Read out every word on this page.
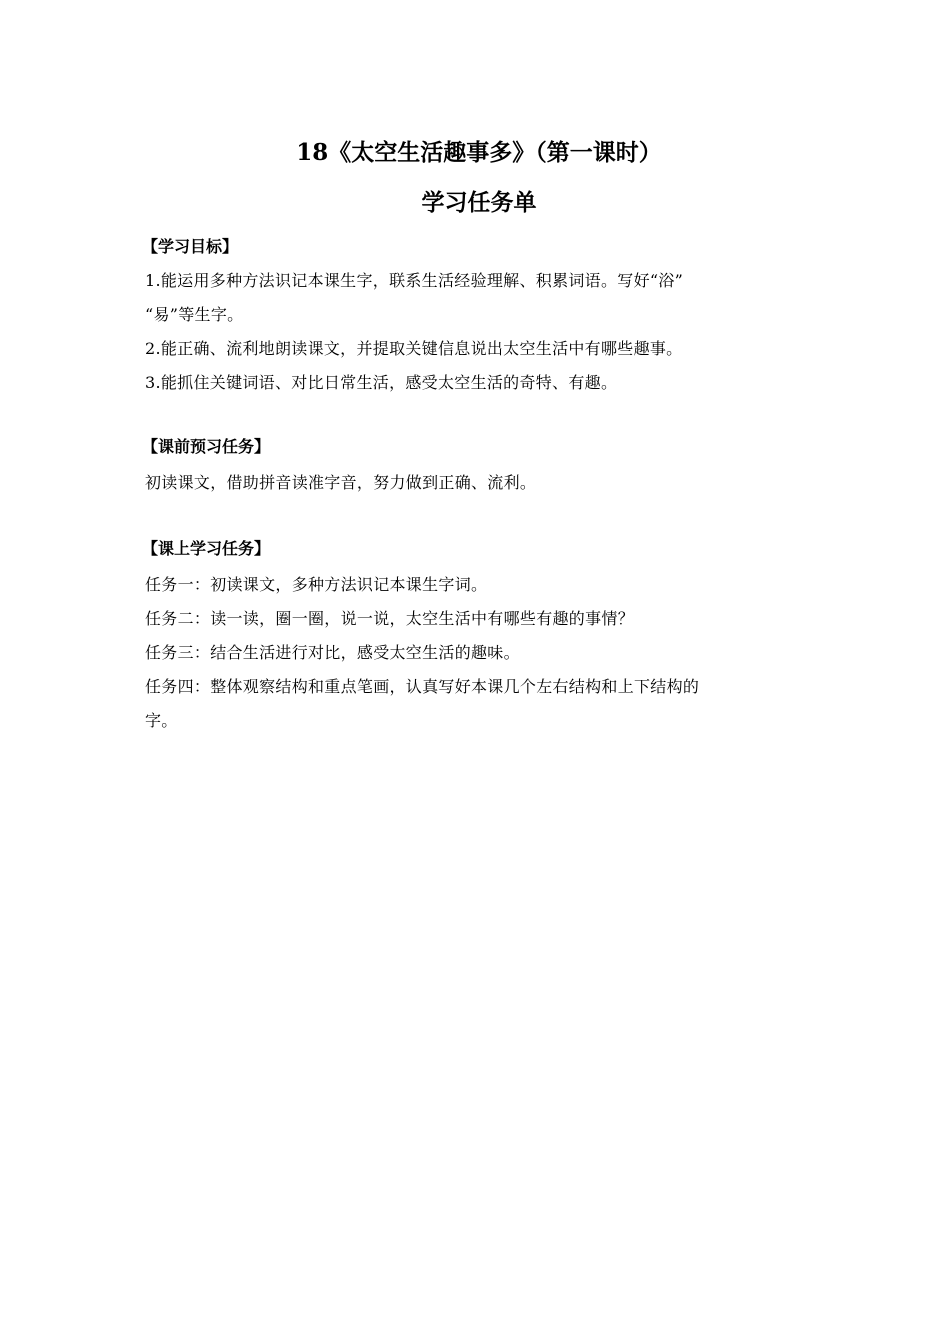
18《太空生活趣事多》（第一课时）
学习任务单

【学习目标】

1.能运用多种方法识记本课生字，联系生活经验理解、积累词语。写好“浴”

“易”等生字。

2.能正确、流利地朗读课文，并提取关键信息说出太空生活中有哪些趣事。

3.能抓住关键词语、对比日常生活，感受太空生活的奇特、有趣。

【课前预习任务】

初读课文，借助拼音读准字音，努力做到正确、流利。

【课上学习任务】

任务一：初读课文，多种方法识记本课生字词。

任务二：读一读，圈一圈，说一说，太空生活中有哪些有趣的事情？

任务三：结合生活进行对比，感受太空生活的趣味。

任务四：整体观察结构和重点笔画，认真写好本课几个左右结构和上下结构的

字。
